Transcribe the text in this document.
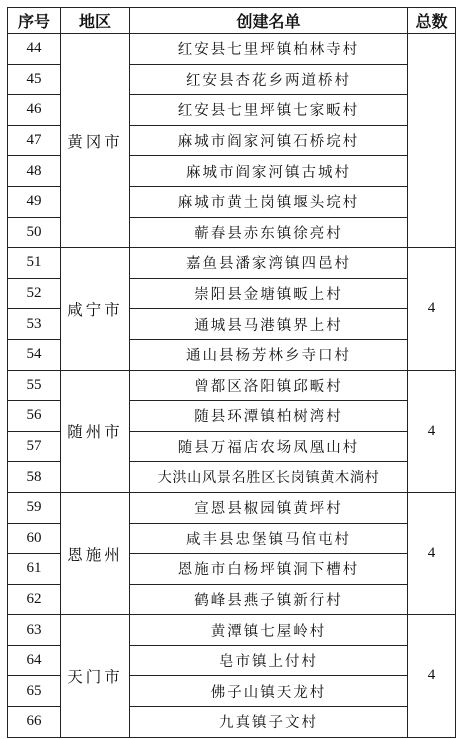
序号	地区	创建名单	总数
44	黄冈市	红安县七里坪镇柏林寺村	
45		红安县杏花乡两道桥村	
46		红安县七里坪镇七家畈村	
47		麻城市阎家河镇石桥垸村	
48		麻城市阎家河镇古城村	
49		麻城市黄土岗镇堰头垸村	
50		蕲春县赤东镇徐亮村	
51	咸宁市	嘉鱼县潘家湾镇四邑村	4
52		崇阳县金塘镇畈上村	
53		通城县马港镇界上村	
54		通山县杨芳林乡寺口村	
55	随州市	曾都区洛阳镇邱畈村	4
56		随县环潭镇柏树湾村	
57		随县万福店农场凤凰山村	
58		大洪山风景名胜区长岗镇黄木淌村	
59	恩施州	宣恩县椒园镇黄坪村	4
60		咸丰县忠堡镇马倌屯村	
61		恩施市白杨坪镇洞下槽村	
62		鹤峰县燕子镇新行村	
63	天门市	黄潭镇七屋岭村	4
64		皂市镇上付村	
65		佛子山镇天龙村	
66		九真镇子文村	
